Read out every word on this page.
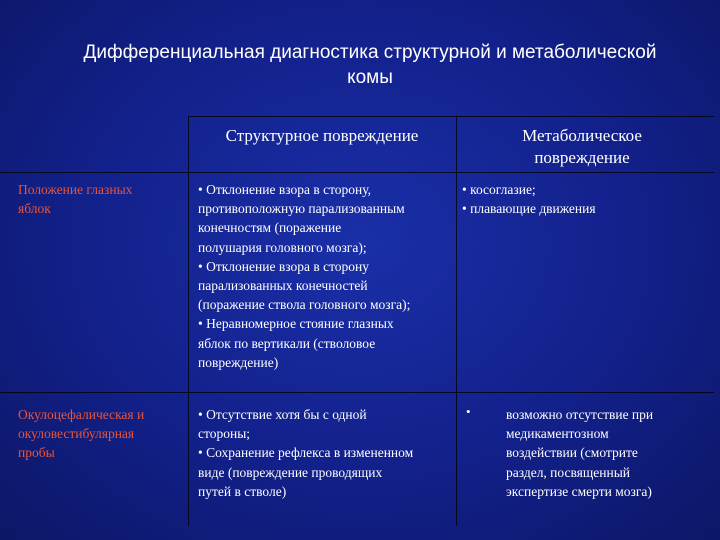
Дифференциальная диагностика структурной и метаболической
комы
Структурное повреждение	Метаболическое
повреждение
Положение глазных
яблок
• Отклонение взора в сторону,
противоположную парализованным
конечностям (поражение
полушария головного мозга);
• Отклонение взора в сторону
парализованных конечностей
(поражение ствола головного мозга);
• Неравномерное стояние глазных
яблок по вертикали (стволовое
повреждение)
• косоглазие;
• плавающие движения
Окулоцефалическая и
окуловестибулярная
пробы
• Отсутствие хотя бы с одной
стороны;
• Сохранение рефлекса в измененном
виде (повреждение проводящих
путей в стволе)
•	возможно отсутствие при
медикаментозном
воздействии (смотрите
раздел, посвященный
экспертизе смерти мозга)
